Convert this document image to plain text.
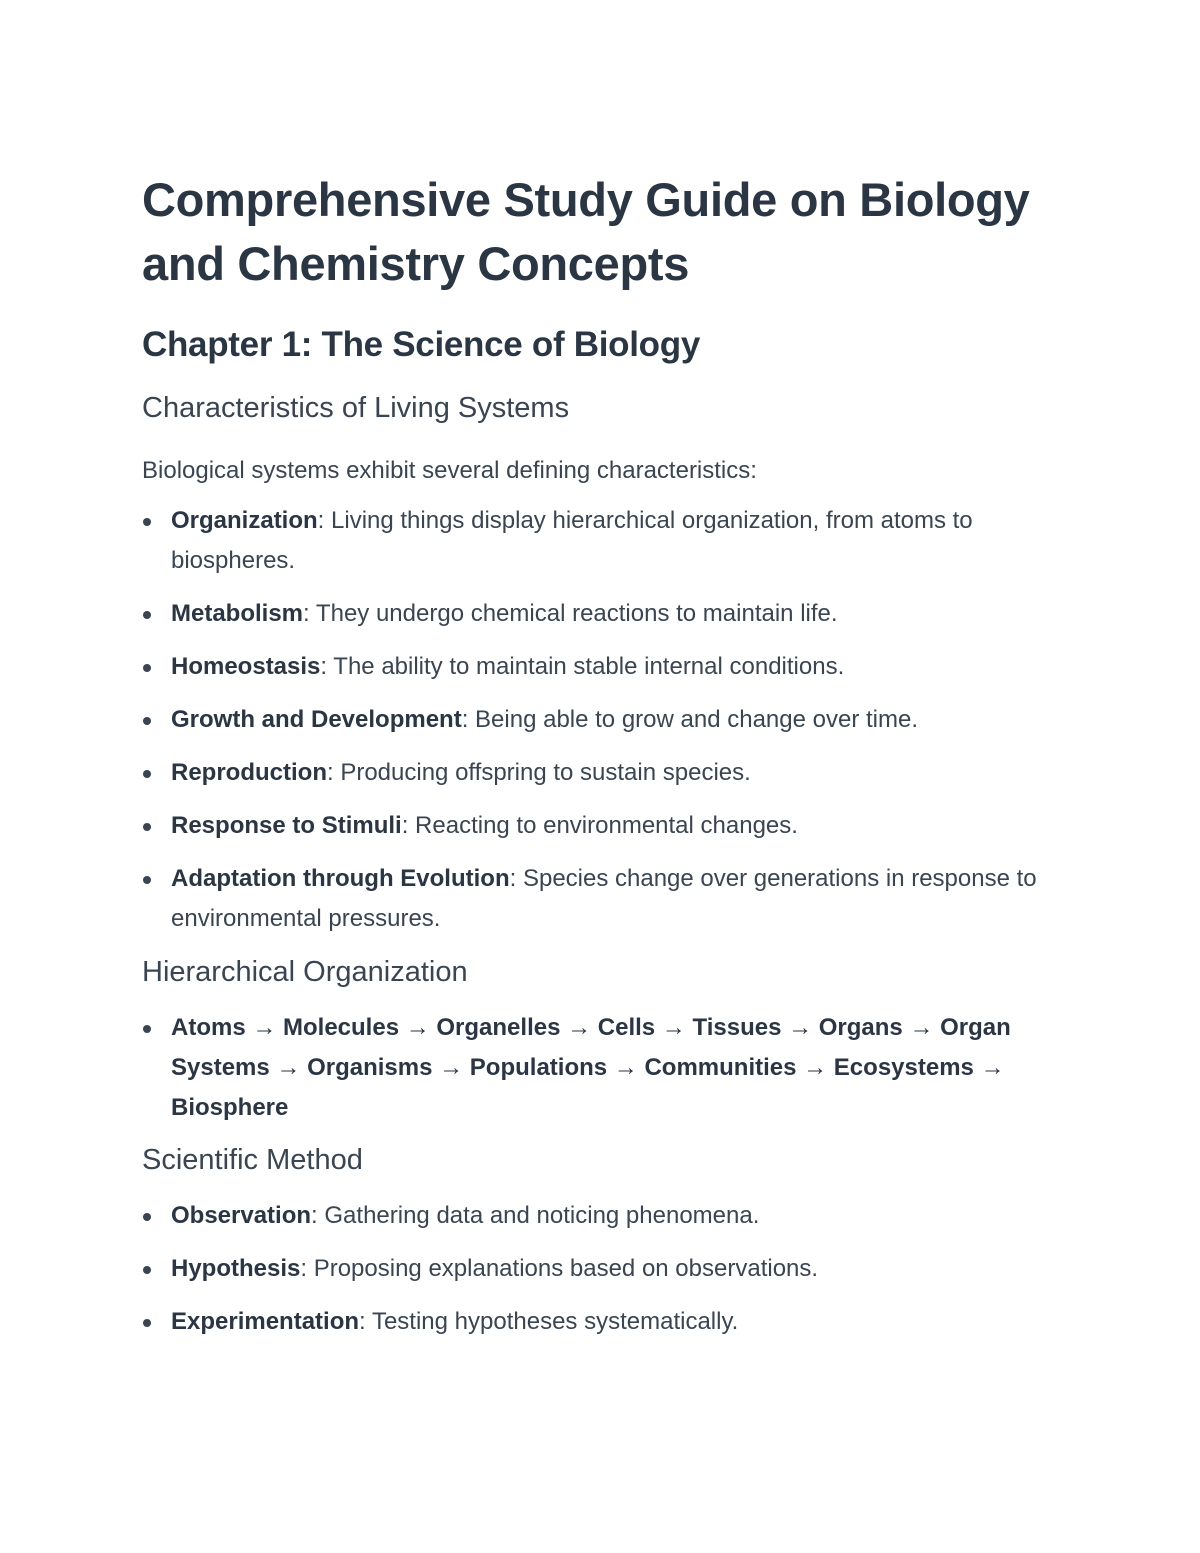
Comprehensive Study Guide on Biology and Chemistry Concepts
Chapter 1: The Science of Biology
Characteristics of Living Systems

Biological systems exhibit several defining characteristics:

Organization: Living things display hierarchical organization, from atoms to biospheres.
Metabolism: They undergo chemical reactions to maintain life.
Homeostasis: The ability to maintain stable internal conditions.
Growth and Development: Being able to grow and change over time.
Reproduction: Producing offspring to sustain species.
Response to Stimuli: Reacting to environmental changes.
Adaptation through Evolution: Species change over generations in response to environmental pressures.
Hierarchical Organization
Atoms → Molecules → Organelles → Cells → Tissues → Organs → Organ Systems → Organisms → Populations → Communities → Ecosystems → Biosphere
Scientific Method
Observation: Gathering data and noticing phenomena.
Hypothesis: Proposing explanations based on observations.
Experimentation: Testing hypotheses systematically.
